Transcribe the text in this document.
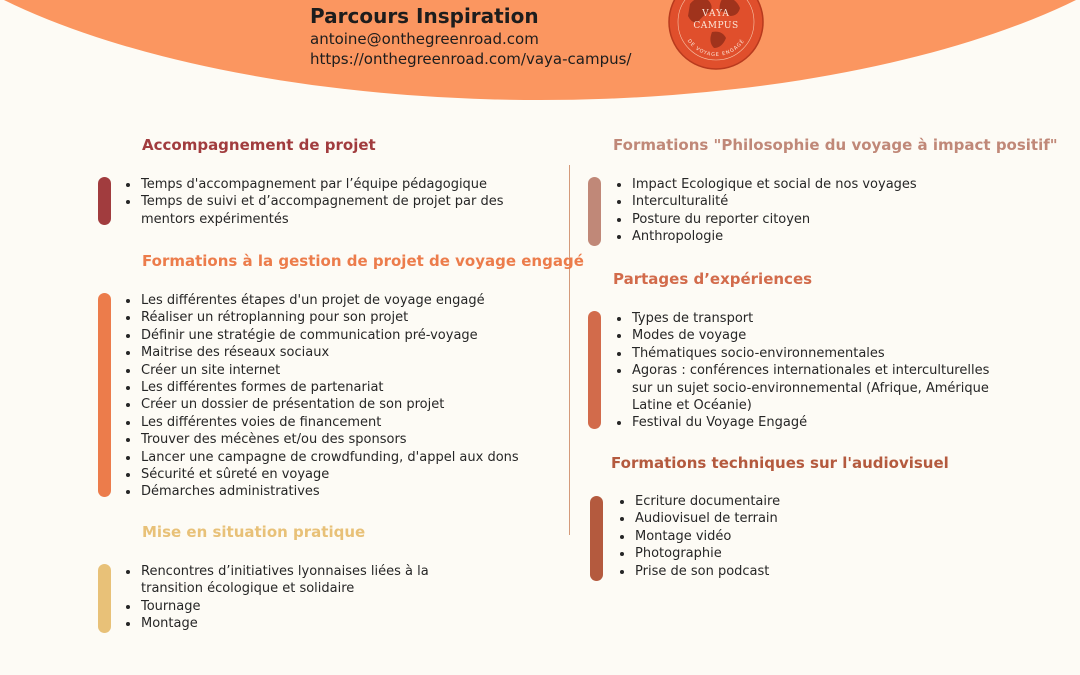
Parcours Inspiration
antoine@onthegreenroad.com
https://onthegreenroad.com/vaya-campus/
VAYA
CAMPUS
DE VOYAGE ENGAGÉ
Accompagnement de projet
Temps d'accompagnement par l’équipe pédagogique
Temps de suivi et d’accompagnement de projet par des mentors expérimentés
Formations à la gestion de projet de voyage engagé
Les différentes étapes d'un projet de voyage engagé
Réaliser un rétroplanning pour son projet
Définir une stratégie de communication pré-voyage
Maitrise des réseaux sociaux
Créer un site internet
Les différentes formes de partenariat
Créer un dossier de présentation de son projet
Les différentes voies de financement
Trouver des mécènes et/ou des sponsors
Lancer une campagne de crowdfunding, d'appel aux dons
Sécurité et sûreté en voyage
Démarches administratives
Mise en situation pratique
Rencontres d’initiatives lyonnaises liées à la transition écologique et solidaire
Tournage
Montage
Formations "Philosophie du voyage à impact positif"
Impact Ecologique et social de nos voyages
Interculturalité
Posture du reporter citoyen
Anthropologie
Partages d’expériences
Types de transport
Modes de voyage
Thématiques socio-environnementales
Agoras : conférences internationales et interculturelles sur un sujet socio-environnemental (Afrique, Amérique Latine et Océanie)
Festival du Voyage Engagé
Formations techniques sur l'audiovisuel
Ecriture documentaire
Audiovisuel de terrain
Montage vidéo
Photographie
Prise de son podcast
